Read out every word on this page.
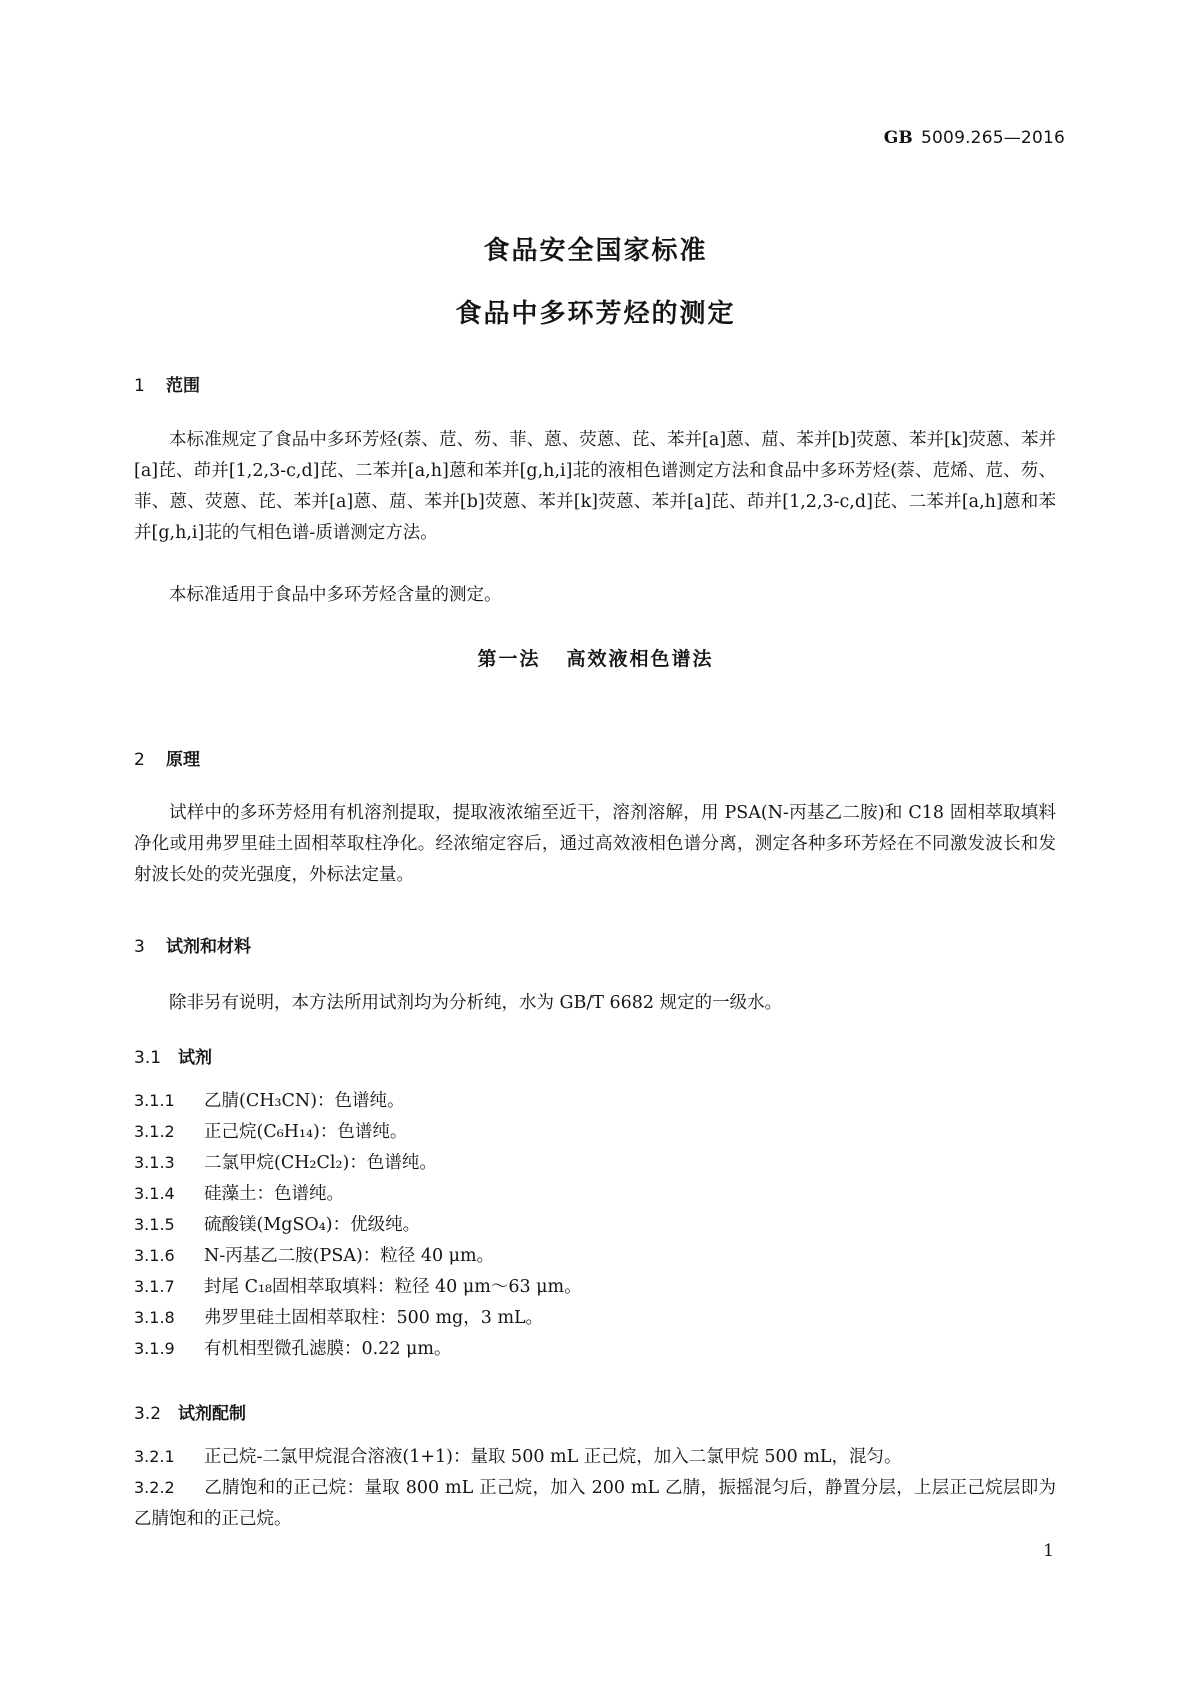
GB 5009.265—2016
食品安全国家标准
食品中多环芳烃的测定
1 范围

本标准规定了食品中多环芳烃(萘、苊、芴、菲、蒽、荧蒽、芘、苯并[a]蒽、䓛、苯并[b]荧蒽、苯并[k]荧蒽、苯并[a]芘、茚并[1,2,3-c,d]芘、二苯并[a,h]蒽和苯并[g,h,i]苝的液相色谱测定方法和食品中多环芳烃(萘、苊烯、苊、芴、菲、蒽、荧蒽、芘、苯并[a]蒽、䓛、苯并[b]荧蒽、苯并[k]荧蒽、苯并[a]芘、茚并[1,2,3-c,d]芘、二苯并[a,h]蒽和苯并[g,h,i]苝的气相色谱-质谱测定方法。

本标准适用于食品中多环芳烃含量的测定。

第一法 高效液相色谱法
2 原理

试样中的多环芳烃用有机溶剂提取，提取液浓缩至近干，溶剂溶解，用 PSA(N-丙基乙二胺)和 C18 固相萃取填料净化或用弗罗里硅土固相萃取柱净化。经浓缩定容后，通过高效液相色谱分离，测定各种多环芳烃在不同激发波长和发射波长处的荧光强度，外标法定量。

3 试剂和材料

除非另有说明，本方法所用试剂均为分析纯，水为 GB/T 6682 规定的一级水。

3.1 试剂
3.1.1 乙腈(CH₃CN)：色谱纯。
3.1.2 正己烷(C₆H₁₄)：色谱纯。
3.1.3 二氯甲烷(CH₂Cl₂)：色谱纯。
3.1.4 硅藻土：色谱纯。
3.1.5 硫酸镁(MgSO₄)：优级纯。
3.1.6 N-丙基乙二胺(PSA)：粒径 40 μm。
3.1.7 封尾 C₁₈固相萃取填料：粒径 40 μm～63 μm。
3.1.8 弗罗里硅土固相萃取柱：500 mg，3 mL。
3.1.9 有机相型微孔滤膜：0.22 μm。
3.2 试剂配制
3.2.1 正己烷-二氯甲烷混合溶液(1+1)：量取 500 mL 正己烷，加入二氯甲烷 500 mL，混匀。
3.2.2 乙腈饱和的正己烷：量取 800 mL 正己烷，加入 200 mL 乙腈，振摇混匀后，静置分层，上层正己烷层即为乙腈饱和的正己烷。
1
